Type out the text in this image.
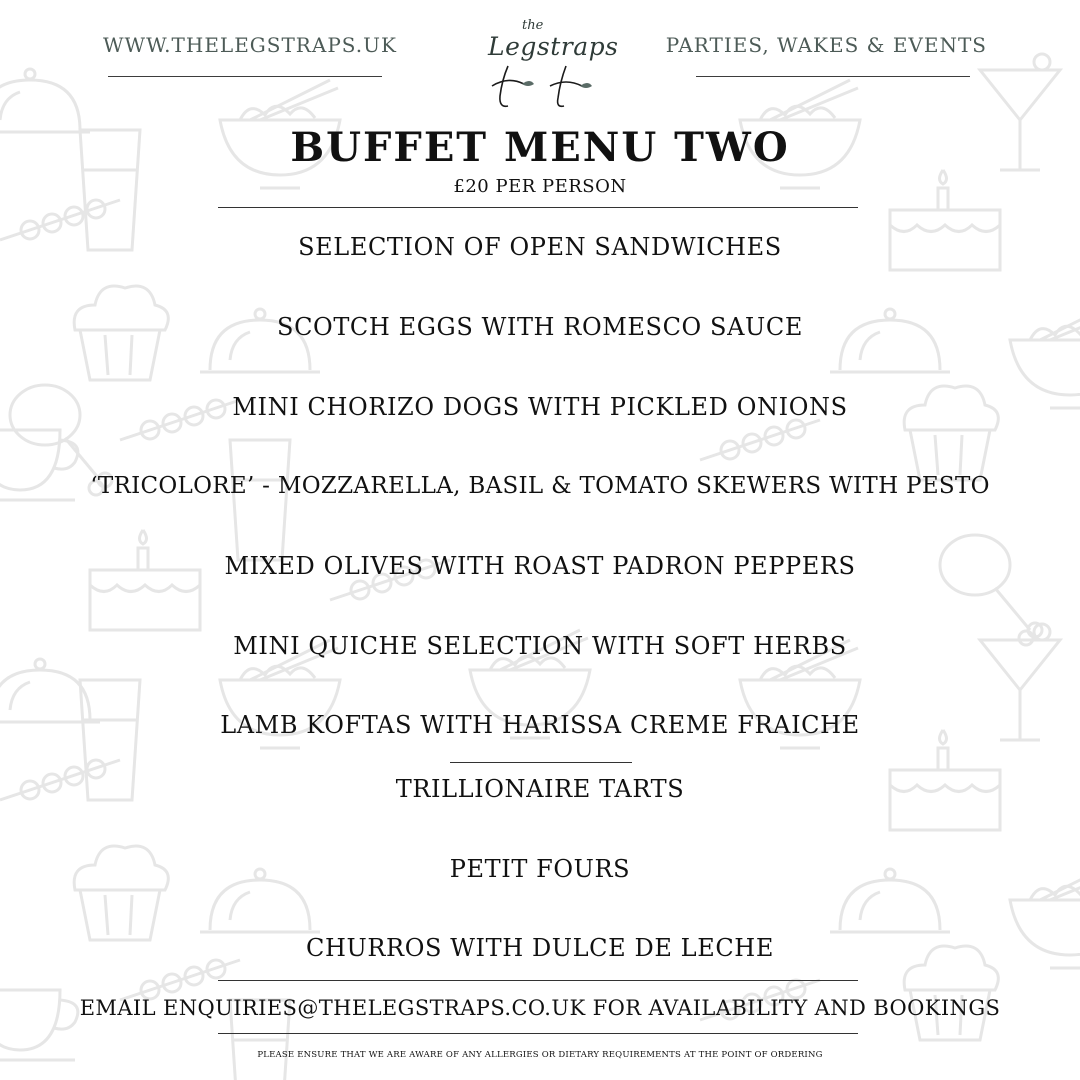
WWW.THELEGSTRAPS.UK	PARTIES, WAKES & EVENTS
the
Legstraps
BUFFET MENU TWO
£20 PER PERSON
SELECTION OF OPEN SANDWICHES
SCOTCH EGGS WITH ROMESCO SAUCE
MINI CHORIZO DOGS WITH PICKLED ONIONS
‘TRICOLORE’ - MOZZARELLA, BASIL & TOMATO SKEWERS WITH PESTO
MIXED OLIVES WITH ROAST PADRON PEPPERS
MINI QUICHE SELECTION WITH SOFT HERBS
LAMB KOFTAS WITH HARISSA CREME FRAICHE
TRILLIONAIRE TARTS
PETIT FOURS
CHURROS WITH DULCE DE LECHE
EMAIL ENQUIRIES@THELEGSTRAPS.CO.UK FOR AVAILABILITY AND BOOKINGS
PLEASE ENSURE THAT WE ARE AWARE OF ANY ALLERGIES OR DIETARY REQUIREMENTS AT THE POINT OF ORDERING
